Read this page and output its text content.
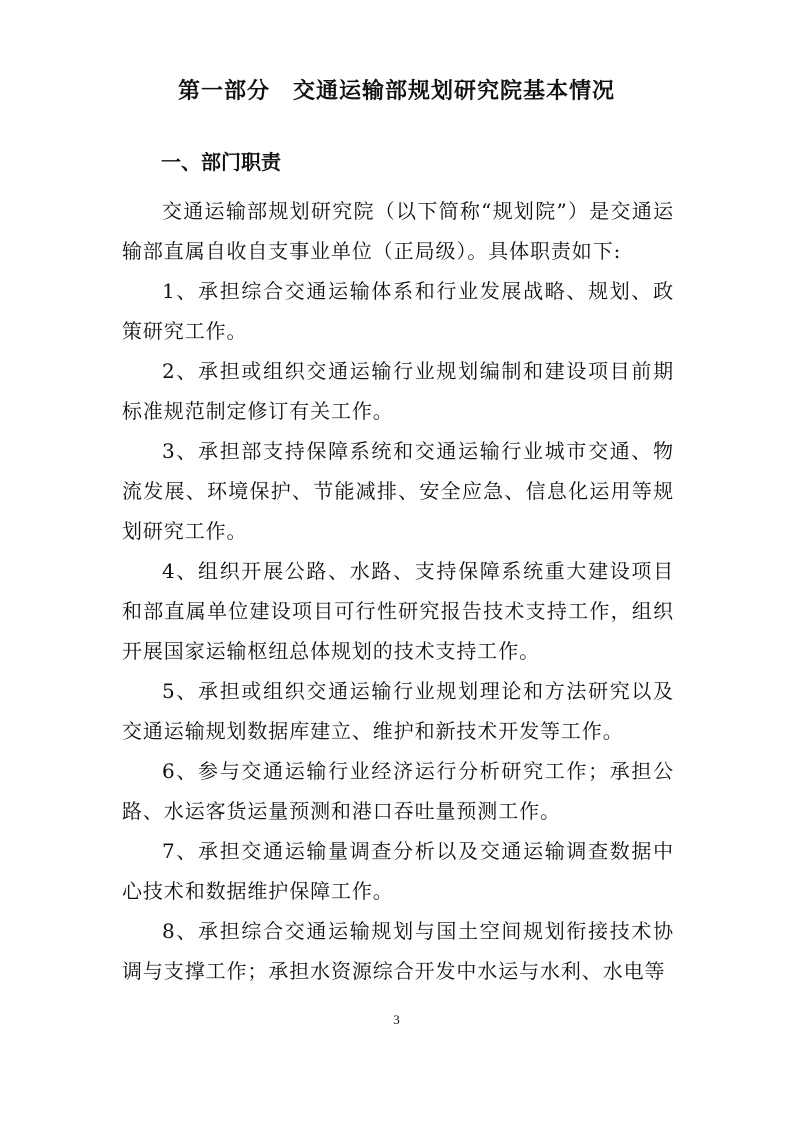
第一部分　交通运输部规划研究院基本情况
一、部门职责

交通运输部规划研究院（以下简称“规划院”）是交通运输部直属自收自支事业单位（正局级）。具体职责如下:

1、承担综合交通运输体系和行业发展战略、规划、政策研究工作。

2、承担或组织交通运输行业规划编制和建设项目前期标准规范制定修订有关工作。

3、承担部支持保障系统和交通运输行业城市交通、物流发展、环境保护、节能减排、安全应急、信息化运用等规划研究工作。

4、组织开展公路、水路、支持保障系统重大建设项目和部直属单位建设项目可行性研究报告技术支持工作，组织开展国家运输枢纽总体规划的技术支持工作。

5、承担或组织交通运输行业规划理论和方法研究以及交通运输规划数据库建立、维护和新技术开发等工作。

6、参与交通运输行业经济运行分析研究工作；承担公路、水运客货运量预测和港口吞吐量预测工作。

7、承担交通运输量调查分析以及交通运输调查数据中心技术和数据维护保障工作。

8、承担综合交通运输规划与国土空间规划衔接技术协调与支撑工作；承担水资源综合开发中水运与水利、水电等

3
